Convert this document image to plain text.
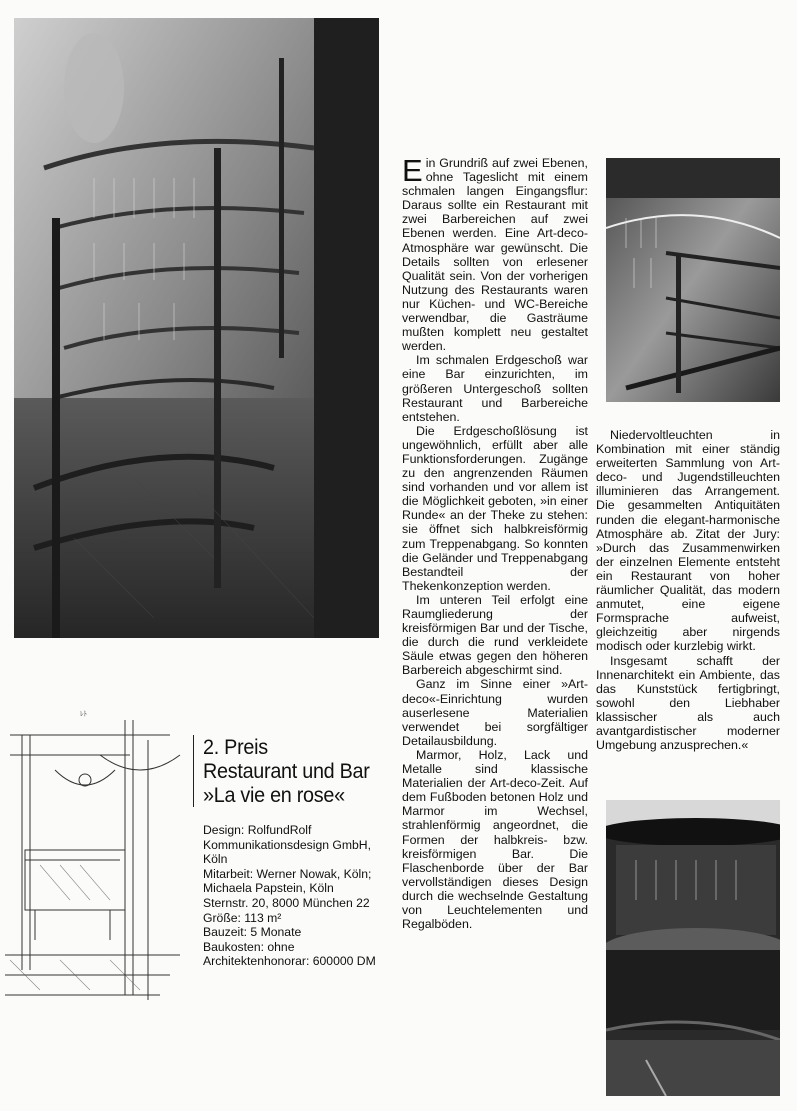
ﾚﾄ
2. Preis
Restaurant und Bar
»La vie en rose«
Design: RolfundRolf Kommunikationsdesign GmbH, Köln
Mitarbeit: Werner Nowak, Köln; Michaela Papstein, Köln
Sternstr. 20, 8000 München 22
Größe: 113 m²
Bauzeit: 5 Monate
Baukosten: ohne Architektenhonorar: 600000 DM

Ein Grundriß auf zwei Ebenen, ohne Tageslicht mit einem schmalen langen Eingangsflur: Daraus sollte ein Restaurant mit zwei Barbereichen auf zwei Ebenen werden. Eine Art-deco-Atmosphäre war gewünscht. Die Details sollten von erlesener Qualität sein. Von der vorherigen Nutzung des Restaurants waren nur Küchen- und WC-Bereiche verwendbar, die Gasträume mußten komplett neu gestaltet werden.

Im schmalen Erdgeschoß war eine Bar einzurichten, im größeren Untergeschoß sollten Restaurant und Barbereiche entstehen.

Die Erdgeschoßlösung ist ungewöhnlich, erfüllt aber alle Funktionsforderungen. Zugänge zu den angrenzenden Räumen sind vorhanden und vor allem ist die Möglichkeit geboten, »in einer Runde« an der Theke zu stehen: sie öffnet sich halbkreisförmig zum Treppenabgang. So konnten die Geländer und Treppenabgang Bestandteil der Thekenkonzeption werden.

Im unteren Teil erfolgt eine Raumgliederung der kreisförmigen Bar und der Tische, die durch die rund verkleidete Säule etwas gegen den höheren Barbereich abgeschirmt sind.

Ganz im Sinne einer »Art-deco«-Einrichtung wurden auserlesene Materialien verwendet bei sorgfältiger Detailausbildung.

Marmor, Holz, Lack und Metalle sind klassische Materialien der Art-deco-Zeit. Auf dem Fußboden betonen Holz und Marmor im Wechsel, strahlenförmig angeordnet, die Formen der halbkreis- bzw. kreisförmigen Bar. Die Flaschenborde über der Bar vervollständigen dieses Design durch die wechselnde Gestaltung von Leuchtelementen und Regalböden.

Niedervoltleuchten in Kombination mit einer ständig erweiterten Sammlung von Art-deco- und Jugendstilleuchten illuminieren das Arrangement. Die gesammelten Antiquitäten runden die elegant-harmonische Atmosphäre ab. Zitat der Jury: »Durch das Zusammenwirken der einzelnen Elemente entsteht ein Restaurant von hoher räumlicher Qualität, das modern anmutet, eine eigene Formsprache aufweist, gleichzeitig aber nirgends modisch oder kurzlebig wirkt.

Insgesamt schafft der Innenarchitekt ein Ambiente, das das Kunststück fertigbringt, sowohl den Liebhaber klassischer als auch avantgardistischer moderner Umgebung anzusprechen.«
